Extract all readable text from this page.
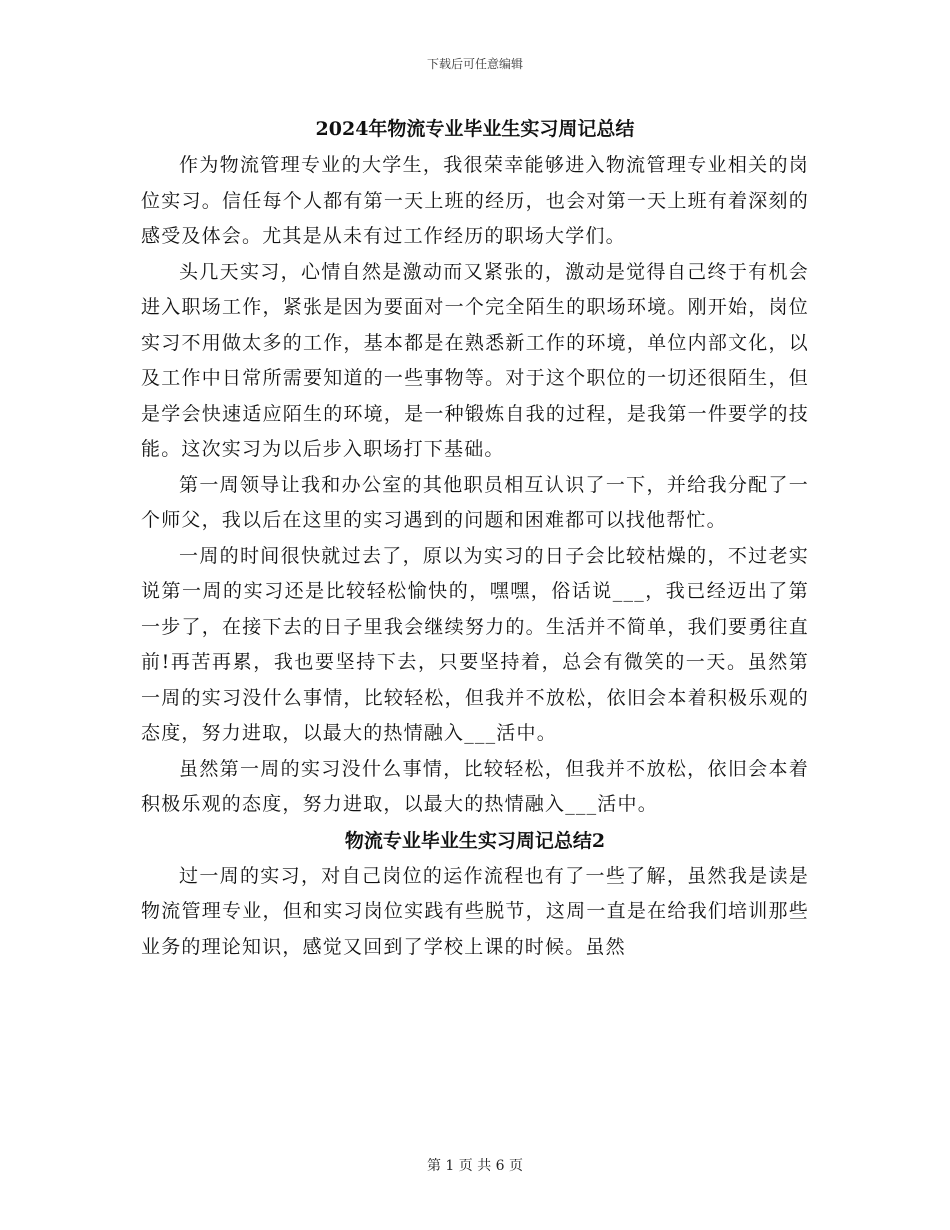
下载后可任意编辑
2024年物流专业毕业生实习周记总结

作为物流管理专业的大学生，我很荣幸能够进入物流管理专业相关的岗位实习。信任每个人都有第一天上班的经历，也会对第一天上班有着深刻的感受及体会。尤其是从未有过工作经历的职场大学们。

头几天实习，心情自然是激动而又紧张的，激动是觉得自己终于有机会进入职场工作，紧张是因为要面对一个完全陌生的职场环境。刚开始，岗位实习不用做太多的工作，基本都是在熟悉新工作的环境，单位内部文化，以及工作中日常所需要知道的一些事物等。对于这个职位的一切还很陌生，但是学会快速适应陌生的环境，是一种锻炼自我的过程，是我第一件要学的技能。这次实习为以后步入职场打下基础。

第一周领导让我和办公室的其他职员相互认识了一下，并给我分配了一个师父，我以后在这里的实习遇到的问题和困难都可以找他帮忙。

一周的时间很快就过去了，原以为实习的日子会比较枯燥的，不过老实说第一周的实习还是比较轻松愉快的，嘿嘿，俗话说___，我已经迈出了第一步了，在接下去的日子里我会继续努力的。生活并不简单，我们要勇往直前!再苦再累，我也要坚持下去，只要坚持着，总会有微笑的一天。虽然第一周的实习没什么事情，比较轻松，但我并不放松，依旧会本着积极乐观的态度，努力进取，以最大的热情融入___活中。

虽然第一周的实习没什么事情，比较轻松，但我并不放松，依旧会本着积极乐观的态度，努力进取，以最大的热情融入___活中。

物流专业毕业生实习周记总结2

过一周的实习，对自己岗位的运作流程也有了一些了解，虽然我是读是物流管理专业，但和实习岗位实践有些脱节，这周一直是在给我们培训那些业务的理论知识，感觉又回到了学校上课的时候。虽然

第 1 页 共 6 页
